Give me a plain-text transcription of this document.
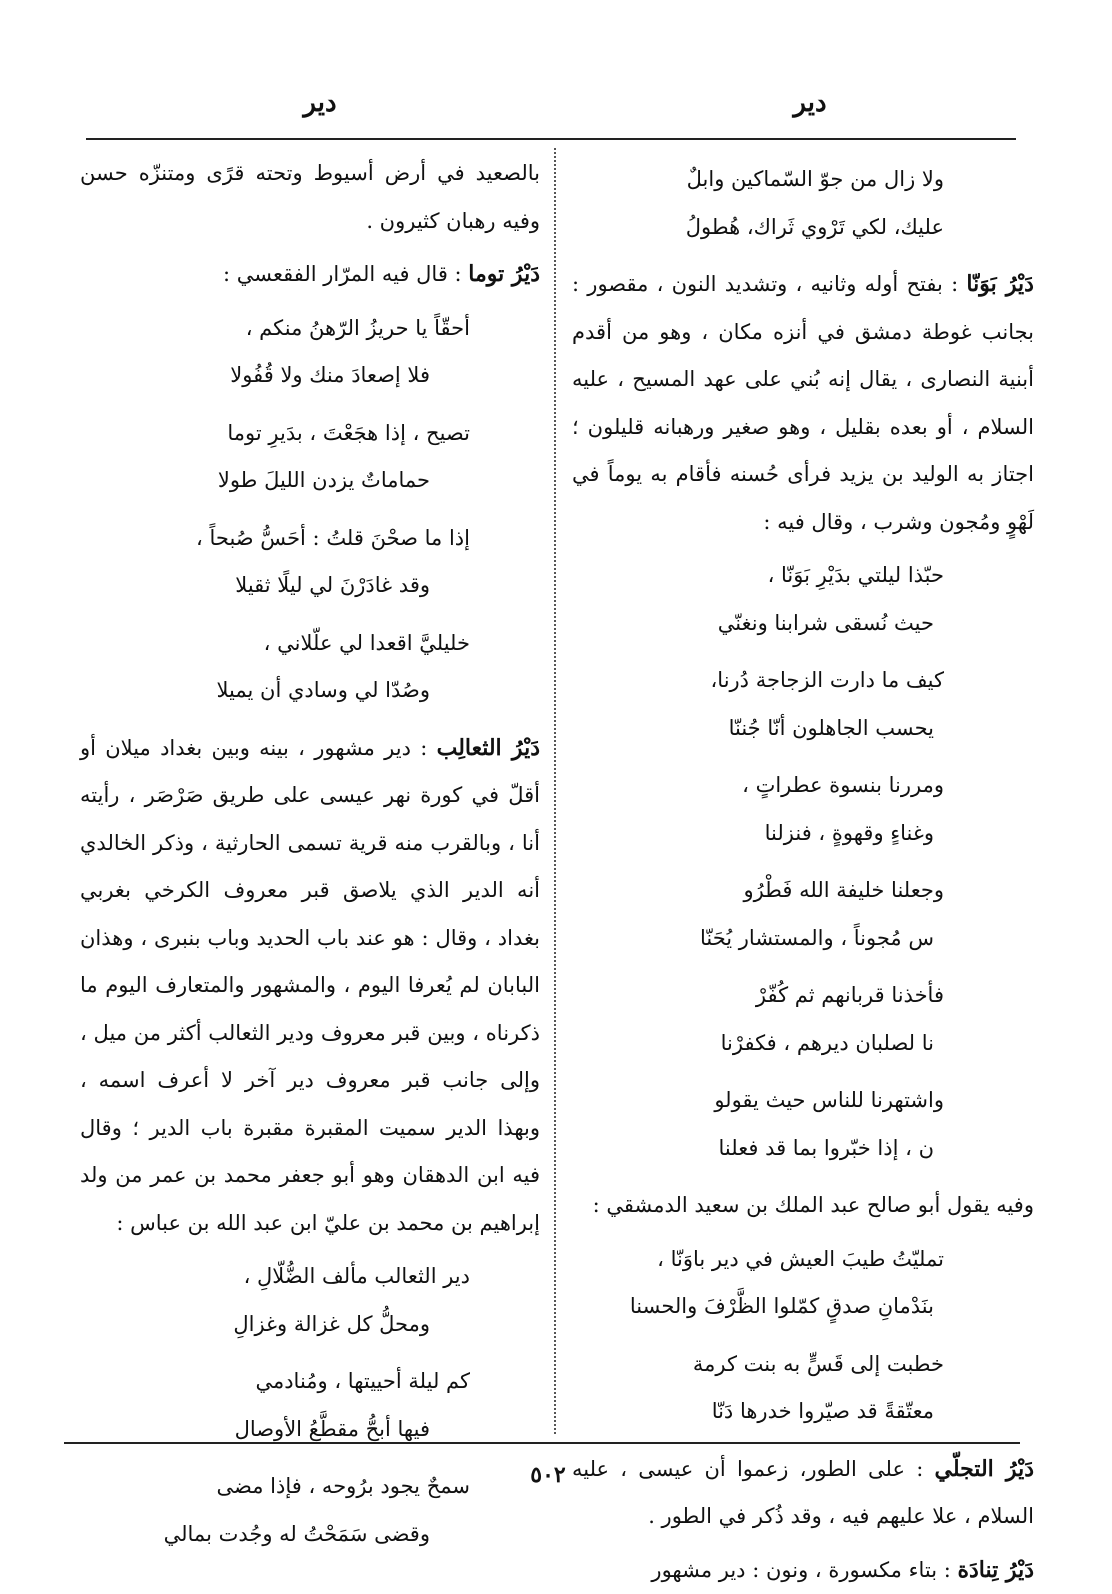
دير
دير
ولا زال من جوّ السّماكين وابلٌ
عليك، لكي تَرْوي ثَراك، هُطولُ

دَيْرُ بَوَنّا : بفتح أوله وثانيه ، وتشديد النون ، مقصور : بجانب غوطة دمشق في أنزه مكان ، وهو من أقدم أبنية النصارى ، يقال إنه بُني على عهد المسيح ، عليه السلام ، أو بعده بقليل ، وهو صغير ورهبانه قليلون ؛ اجتاز به الوليد بن يزيد فرأى حُسنه فأقام به يوماً في لَهْوٍ ومُجون وشرب ، وقال فيه :

حبّذا ليلتي بدَيْرِ بَوَنّا ،
حيث نُسقى شرابنا ونغنّي
كيف ما دارت الزجاجة دُرنا،
يحسب الجاهلون أنّا جُننّا
ومررنا بنسوة عطراتٍ ،
وغناءٍ وقهوةٍ ، فنزلنا
وجعلنا خليفة الله فَطْرُو
س مُجوناً ، والمستشار يُحَنّا
فأخذنا قربانهم ثم كُفّرْ
نا لصلبان ديرهم ، فكفرْنا
واشتهرنا للناس حيث يقولو
ن ، إذا خبّروا بما قد فعلنا

وفيه يقول أبو صالح عبد الملك بن سعيد الدمشقي :

تمليّتُ طيبَ العيش في دير باوَنّا ،
بنَدْمانِ صدقٍ كمّلوا الظَّرْفَ والحسنا
خطبت إلى قَسٍّ به بنت كرمة
معتّقةً قد صيّروا خدرها دَنّا

دَيْرُ التجلّي : على الطور، زعموا أن عيسى ، عليه السلام ، علا عليهم فيه ، وقد ذُكر في الطور .

دَيْرُ تِنادَة : بتاء مكسورة ، ونون : دير مشهور

بالصعيد في أرض أسيوط وتحته قرًى ومتنزّه حسن وفيه رهبان كثيرون .

دَيْرُ توما : قال فيه المرّار الفقعسي :

أحقّاً يا حريزُ الرّهنُ منكم ،
فلا إصعادَ منك ولا قُفُولا
تصيح ، إذا هجَعْتَ ، بدَيرِ توما
حماماتٌ يزدن الليلَ طولا
إذا ما صحْنَ قلتُ : أحَسُّ صُبحاً ،
وقد غادَرْنَ لي ليلًا ثقيلا
خليليَّ اقعدا لي علّلاني ،
وصُدّا لي وسادي أن يميلا

دَيْرُ الثعالِب : دير مشهور ، بينه وبين بغداد ميلان أو أقلّ في كورة نهر عيسى على طريق صَرْصَر ، رأيته أنا ، وبالقرب منه قرية تسمى الحارثية ، وذكر الخالدي أنه الدير الذي يلاصق قبر معروف الكرخي بغربي بغداد ، وقال : هو عند باب الحديد وباب بنبرى ، وهذان البابان لم يُعرفا اليوم ، والمشهور والمتعارف اليوم ما ذكرناه ، وبين قبر معروف ودير الثعالب أكثر من ميل ، وإلى جانب قبر معروف دير آخر لا أعرف اسمه ، وبهذا الدير سميت المقبرة مقبرة باب الدير ؛ وقال فيه ابن الدهقان وهو أبو جعفر محمد بن عمر من ولد إبراهيم بن محمد بن عليّ ابن عبد الله بن عباس :

دير الثعالب مألف الضُّلّالِ ،
ومحلُّ كل غزالة وغزالِ
كم ليلة أحييتها ، ومُنادمي
فيها أبحُّ مقطَّعُ الأوصال
سمحٌ يجود برُوحه ، فإذا مضى
وقضى سَمَحْتُ له وجُدت بمالي
٥٠٢
